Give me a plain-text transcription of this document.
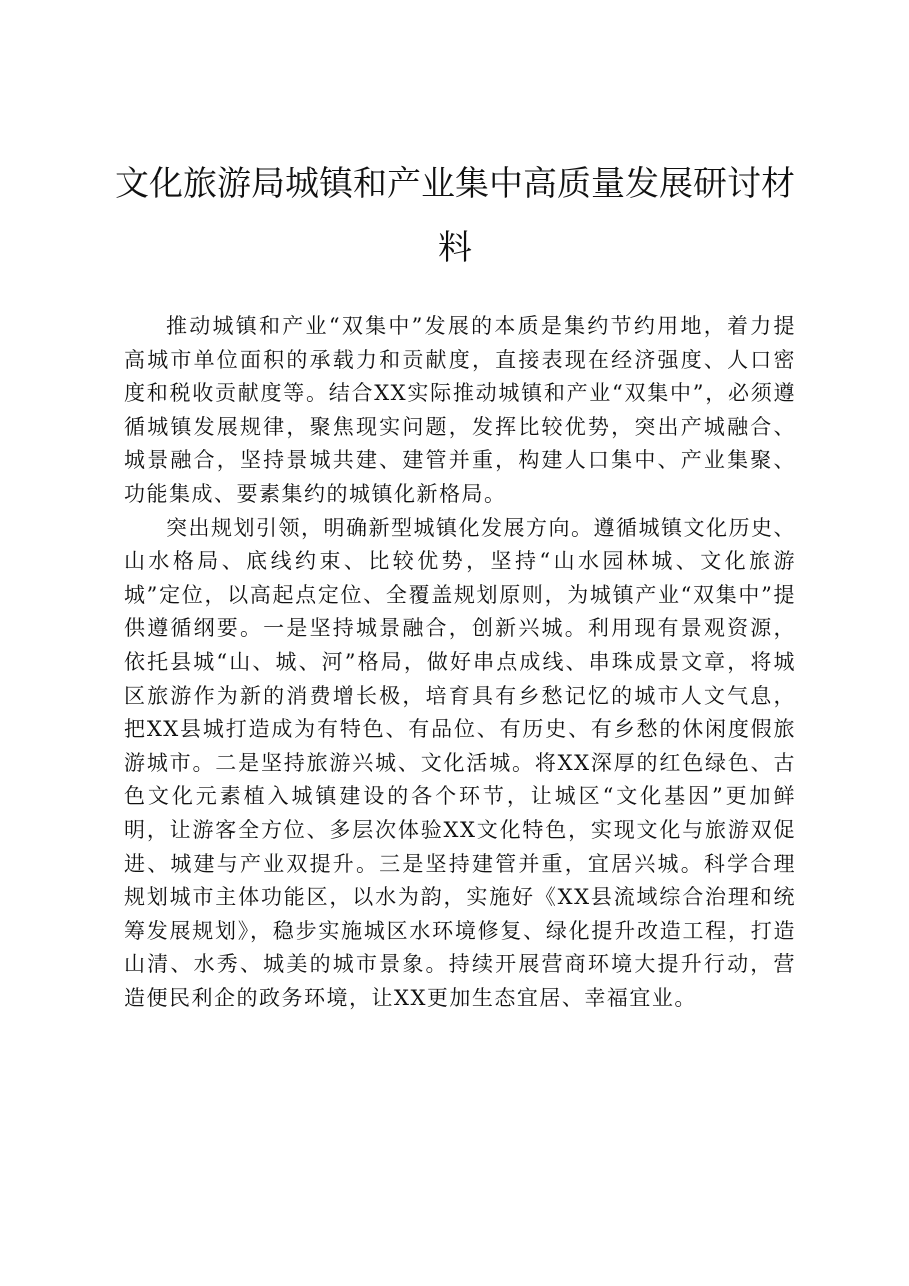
文化旅游局城镇和产业集中高质量发展研讨材料

推动城镇和产业“双集中”发展的本质是集约节约用地，着力提高城市单位面积的承载力和贡献度，直接表现在经济强度、人口密度和税收贡献度等。结合XX实际推动城镇和产业“双集中”，必须遵循城镇发展规律，聚焦现实问题，发挥比较优势，突出产城融合、城景融合，坚持景城共建、建管并重，构建人口集中、产业集聚、功能集成、要素集约的城镇化新格局。

突出规划引领，明确新型城镇化发展方向。遵循城镇文化历史、山水格局、底线约束、比较优势，坚持“山水园林城、文化旅游城”定位，以高起点定位、全覆盖规划原则，为城镇产业“双集中”提供遵循纲要。一是坚持城景融合，创新兴城。利用现有景观资源，依托县城“山、城、河”格局，做好串点成线、串珠成景文章，将城区旅游作为新的消费增长极，培育具有乡愁记忆的城市人文气息，把XX县城打造成为有特色、有品位、有历史、有乡愁的休闲度假旅游城市。二是坚持旅游兴城、文化活城。将XX深厚的红色绿色、古色文化元素植入城镇建设的各个环节，让城区“文化基因”更加鲜明，让游客全方位、多层次体验XX文化特色，实现文化与旅游双促进、城建与产业双提升。三是坚持建管并重，宜居兴城。科学合理规划城市主体功能区，以水为韵，实施好《XX县流域综合治理和统筹发展规划》，稳步实施城区水环境修复、绿化提升改造工程，打造山清、水秀、城美的城市景象。持续开展营商环境大提升行动，营造便民利企的政务环境，让XX更加生态宜居、幸福宜业。
